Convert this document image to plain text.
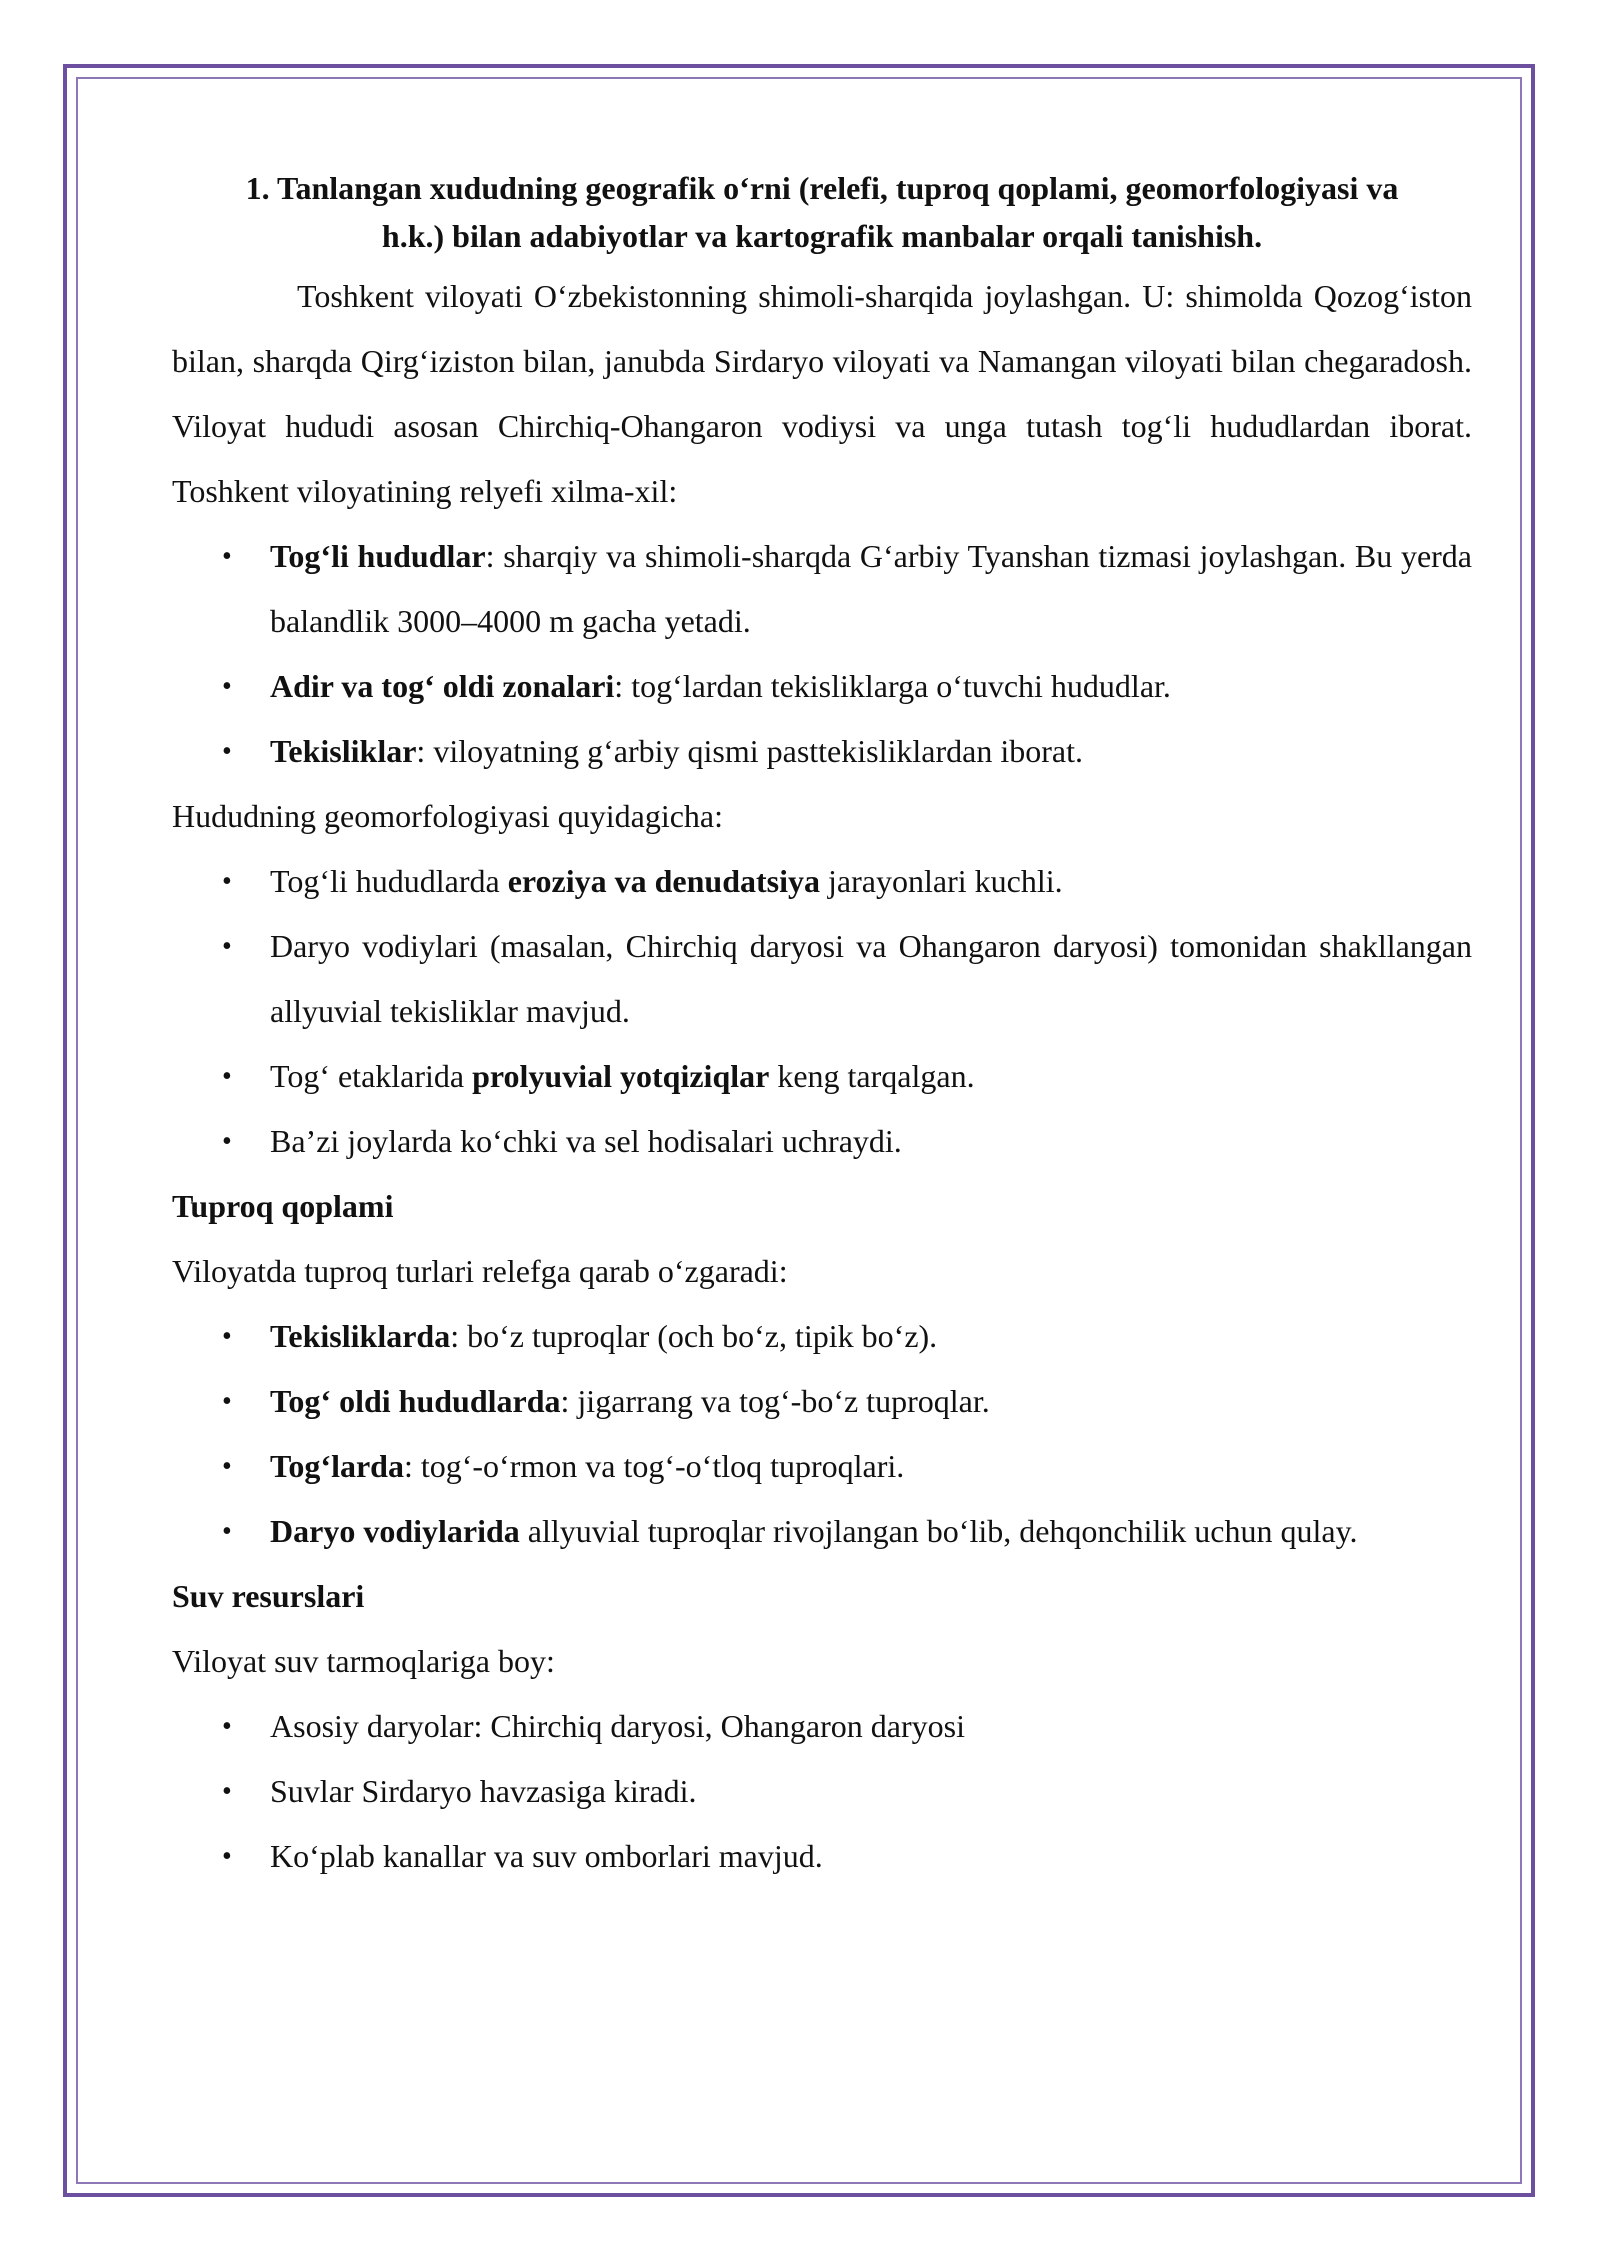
1. Tanlangan xududning geografik o‘rni (relefi, tuproq qoplami, geomorfologiyasi va h.k.) bilan adabiyotlar va kartografik manbalar orqali tanishish.

Toshkent viloyati O‘zbekistonning shimoli-sharqida joylashgan. U: shimolda Qozog‘iston bilan, sharqda Qirg‘iziston bilan, janubda Sirdaryo viloyati va Namangan viloyati bilan chegaradosh. Viloyat hududi asosan Chirchiq-Ohangaron vodiysi va unga tutash tog‘li hududlardan iborat. Toshkent viloyatining relyefi xilma-xil:

• Tog‘li hududlar: sharqiy va shimoli-sharqda G‘arbiy Tyanshan tizmasi joylashgan. Bu yerda balandlik 3000–4000 m gacha yetadi.
• Adir va tog‘ oldi zonalari: tog‘lardan tekisliklarga o‘tuvchi hududlar.
• Tekisliklar: viloyatning g‘arbiy qismi pasttekisliklardan iborat.

Hududning geomorfologiyasi quyidagicha:

• Tog‘li hududlarda eroziya va denudatsiya jarayonlari kuchli.
• Daryo vodiylari (masalan, Chirchiq daryosi va Ohangaron daryosi) tomonidan shakllangan allyuvial tekisliklar mavjud.
• Tog‘ etaklarida prolyuvial yotqiziqlar keng tarqalgan.
• Ba’zi joylarda ko‘chki va sel hodisalari uchraydi.

Tuproq qoplami

Viloyatda tuproq turlari relefga qarab o‘zgaradi:

• Tekisliklarda: bo‘z tuproqlar (och bo‘z, tipik bo‘z).
• Tog‘ oldi hududlarda: jigarrang va tog‘-bo‘z tuproqlar.
• Tog‘larda: tog‘-o‘rmon va tog‘-o‘tloq tuproqlari.
• Daryo vodiylarida allyuvial tuproqlar rivojlangan bo‘lib, dehqonchilik uchun qulay.

Suv resurslari

Viloyat suv tarmoqlariga boy:

• Asosiy daryolar: Chirchiq daryosi, Ohangaron daryosi
• Suvlar Sirdaryo havzasiga kiradi.
• Ko‘plab kanallar va suv omborlari mavjud.
